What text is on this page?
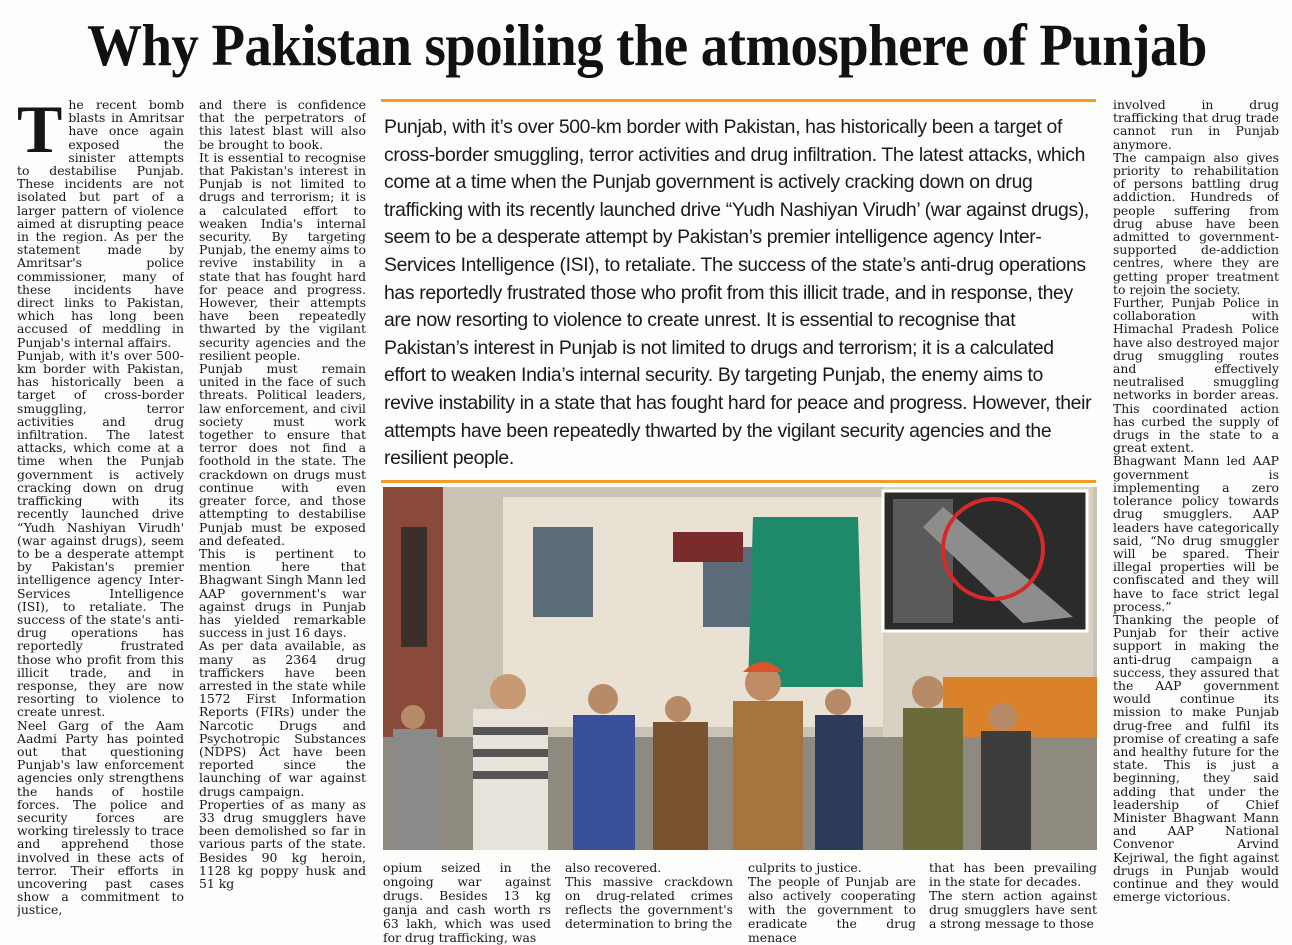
Why Pakistan spoiling the atmosphere of Punjab
T he recent bomb blasts in Amritsar have once again exposed the sinister attempts to destabilise Punjab. These incidents are not isolated but part of a larger pattern of violence aimed at disrupting peace in the region. As per the statement made by Amritsar's police commissioner, many of these incidents have direct links to Pakistan, which has long been accused of meddling in Punjab's internal affairs.

Punjab, with it's over 500-km border with Pakistan, has historically been a target of cross-border smuggling, terror activities and drug infiltration. The latest attacks, which come at a time when the Punjab government is actively cracking down on drug trafficking with its recently launched drive “Yudh Nashiyan Virudh' (war against drugs), seem to be a desperate attempt by Pakistan's premier intelligence agency Inter-Services Intelligence (ISI), to retaliate. The success of the state's anti-drug operations has reportedly frustrated those who profit from this illicit trade, and in response, they are now resorting to violence to create unrest.

Neel Garg of the Aam Aadmi Party has pointed out that questioning Punjab's law enforcement agencies only strengthens the hands of hostile forces. The police and security forces are working tirelessly to trace and apprehend those involved in these acts of terror. Their efforts in uncovering past cases show a commitment to justice,

and there is confidence that the perpetrators of this latest blast will also be brought to book.

It is essential to recognise that Pakistan's interest in Punjab is not limited to drugs and terrorism; it is a calculated effort to weaken India's internal security. By targeting Punjab, the enemy aims to revive instability in a state that has fought hard for peace and progress. However, their attempts have been repeatedly thwarted by the vigilant security agencies and the resilient people.

Punjab must remain united in the face of such threats. Political leaders, law enforcement, and civil society must work together to ensure that terror does not find a foothold in the state. The crackdown on drugs must continue with even greater force, and those attempting to destabilise Punjab must be exposed and defeated.

This is pertinent to mention here that Bhagwant Singh Mann led AAP government's war against drugs in Punjab has yielded remarkable success in just 16 days.

As per data available, as many as 2364 drug traffickers have been arrested in the state while 1572 First Information Reports (FIRs) under the Narcotic Drugs and Psychotropic Substances (NDPS) Act have been reported since the launching of war against drugs campaign.

Properties of as many as 33 drug smugglers have been demolished so far in various parts of the state. Besides 90 kg heroin, 1128 kg poppy husk and 51 kg

Punjab, with it’s over 500-km border with Pakistan, has historically been a target of cross-border smuggling, terror activities and drug infiltration. The latest attacks, which come at a time when the Punjab government is actively cracking down on drug trafficking with its recently launched drive “Yudh Nashiyan Virudh’ (war against drugs), seem to be a desperate attempt by Pakistan’s premier intelligence agency Inter-Services Intelligence (ISI), to retaliate. The success of the state’s anti-drug operations has reportedly frustrated those who profit from this illicit trade, and in response, they are now resorting to violence to create unrest. It is essential to recognise that Pakistan’s interest in Punjab is not limited to drugs and terrorism; it is a calculated effort to weaken India’s internal security. By targeting Punjab, the enemy aims to revive instability in a state that has fought hard for peace and progress. However, their attempts have been repeatedly thwarted by the vigilant security agencies and the resilient people.

opium seized in the ongoing war against drugs. Besides 13 kg ganja and cash worth rs 63 lakh, which was used for drug trafficking, was

also recovered.

This massive crackdown on drug-related crimes reflects the government's determination to bring the

culprits to justice.

The people of Punjab are also actively cooperating with the government to eradicate the drug menace

that has been prevailing in the state for decades.

The stern action against drug smugglers have sent a strong message to those

involved in drug trafficking that drug trade cannot run in Punjab anymore.

The campaign also gives priority to rehabilitation of persons battling drug addiction. Hundreds of people suffering from drug abuse have been admitted to government-supported de-addiction centres, where they are getting proper treatment to rejoin the society.

Further, Punjab Police in collaboration with Himachal Pradesh Police have also destroyed major drug smuggling routes and effectively neutralised smuggling networks in border areas. This coordinated action has curbed the supply of drugs in the state to a great extent.

Bhagwant Mann led AAP government is implementing a zero tolerance policy towards drug smugglers. AAP leaders have categorically said, “No drug smuggler will be spared. Their illegal properties will be confiscated and they will have to face strict legal process.”

Thanking the people of Punjab for their active support in making the anti-drug campaign a success, they assured that the AAP government would continue its mission to make Punjab drug-free and fulfil its promise of creating a safe and healthy future for the state. This is just a beginning, they said adding that under the leadership of Chief Minister Bhagwant Mann and AAP National Convenor Arvind Kejriwal, the fight against drugs in Punjab would continue and they would emerge victorious.
